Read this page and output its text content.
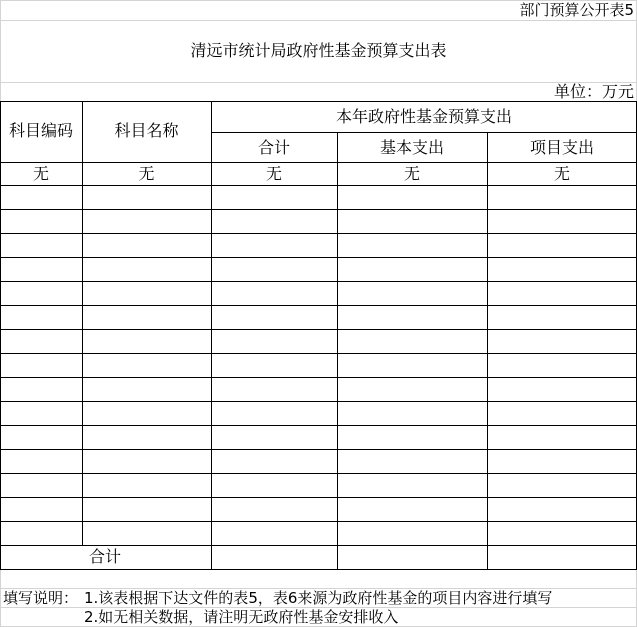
部门预算公开表5
清远市统计局政府性基金预算支出表
单位：万元
科目编码	科目名称
本年政府性基金预算支出
合计	基本支出	项目支出
无	无	无	无	无
合计
填写说明： 1.该表根据下达文件的表5，表6来源为政府性基金的项目内容进行填写
2.如无相关数据，请注明无政府性基金安排收入
